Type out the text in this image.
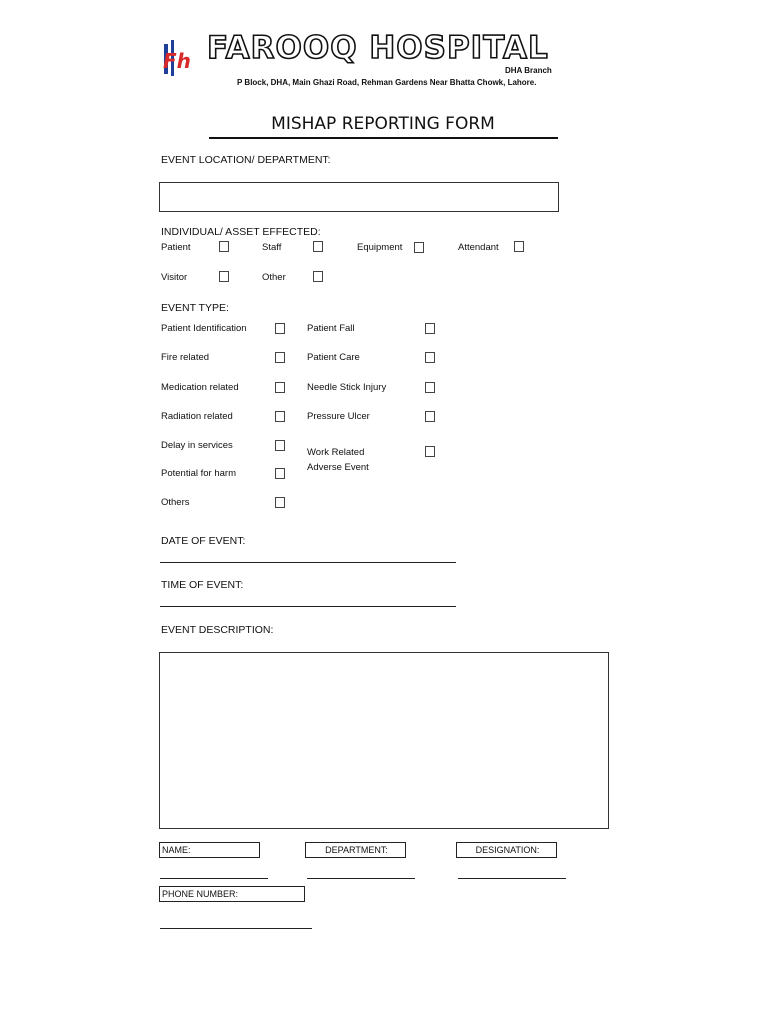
Fh FAROOQ HOSPITAL
DHA Branch
P Block, DHA, Main Ghazi Road, Rehman Gardens Near Bhatta Chowk, Lahore.
MISHAP REPORTING FORM
EVENT LOCATION/ DEPARTMENT:
INDIVIDUAL/ ASSET EFFECTED:
Patient	Staff	Equipment	Attendant
Visitor	Other
EVENT TYPE:
Patient Identification
Fire related
Medication related
Radiation related
Delay in services
Potential for harm
Others
Patient Fall
Patient Care
Needle Stick Injury
Pressure Ulcer
Work Related
Adverse Event
DATE OF EVENT:
TIME OF EVENT:
EVENT DESCRIPTION:
NAME:	DEPARTMENT:	DESIGNATION:
PHONE NUMBER:
